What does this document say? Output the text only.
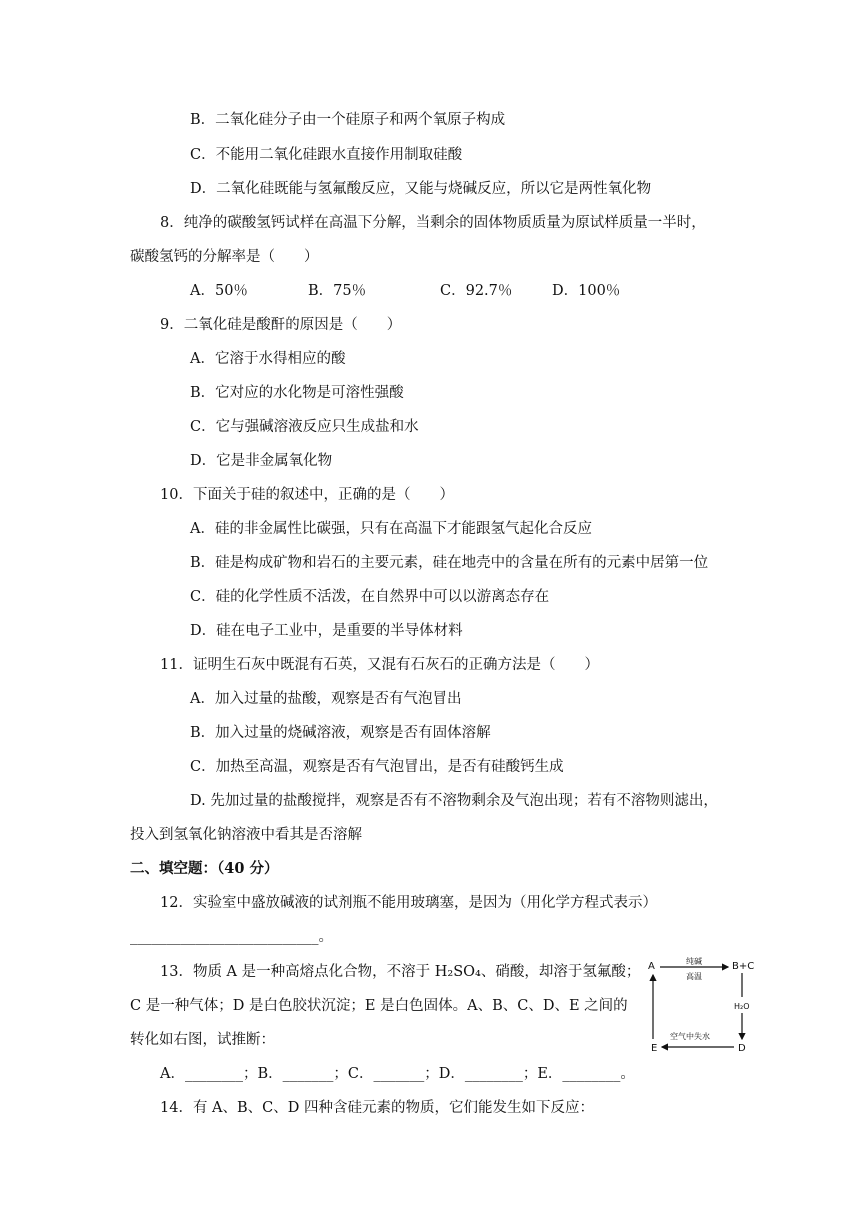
B．二氧化硅分子由一个硅原子和两个氧原子构成
C．不能用二氧化硅跟水直接作用制取硅酸
D．二氧化硅既能与氢氟酸反应，又能与烧碱反应，所以它是两性氧化物
8．纯净的碳酸氢钙试样在高温下分解，当剩余的固体物质质量为原试样质量一半时，
碳酸氢钙的分解率是（　　）
A．50％	B．75％	C．92.7％	D．100％
9．二氧化硅是酸酐的原因是（　　）
A．它溶于水得相应的酸
B．它对应的水化物是可溶性强酸
C．它与强碱溶液反应只生成盐和水
D．它是非金属氧化物
10．下面关于硅的叙述中，正确的是（　　）
A．硅的非金属性比碳强，只有在高温下才能跟氢气起化合反应
B．硅是构成矿物和岩石的主要元素，硅在地壳中的含量在所有的元素中居第一位
C．硅的化学性质不活泼，在自然界中可以以游离态存在
D．硅在电子工业中，是重要的半导体材料
11．证明生石灰中既混有石英，又混有石灰石的正确方法是（　　）
A．加入过量的盐酸，观察是否有气泡冒出
B．加入过量的烧碱溶液，观察是否有固体溶解
C．加热至高温，观察是否有气泡冒出，是否有硅酸钙生成
D. 先加过量的盐酸搅拌，观察是否有不溶物剩余及气泡出现；若有不溶物则滤出，
投入到氢氧化钠溶液中看其是否溶解
二、填空题：（40 分）
12．实验室中盛放碱液的试剂瓶不能用玻璃塞，是因为（用化学方程式表示）
__________________________。
13．物质 A 是一种高熔点化合物，不溶于 H₂SO₄、硝酸，却溶于氢氟酸；
C 是一种气体；D 是白色胶状沉淀；E 是白色固体。A、B、C、D、E 之间的
转化如右图，试推断：
A．________；B．_______；C．_______；D．________；E．________。
14．有 A、B、C、D 四种含硅元素的物质，它们能发生如下反应：
A	B+C
D
E
纯碱
高温
H₂O
空气中失水
